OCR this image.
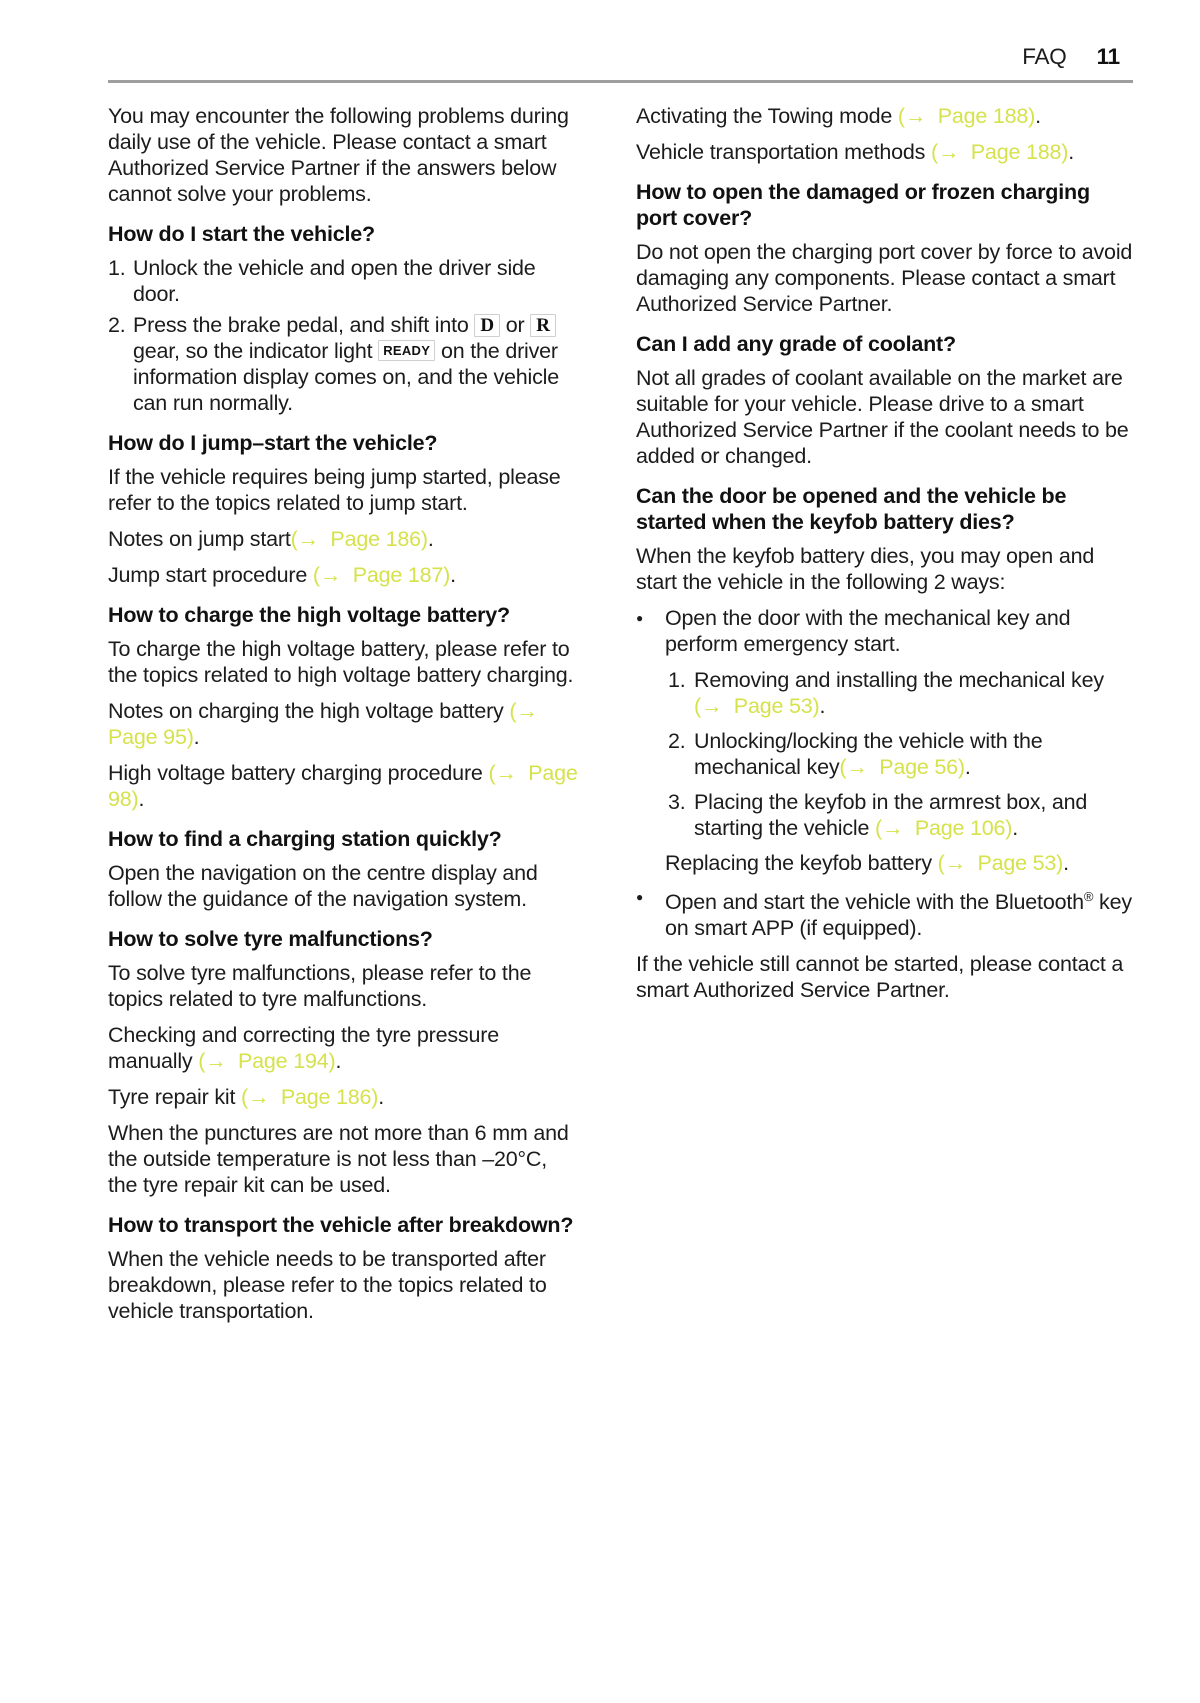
FAQ 11

You may encounter the following problems during daily use of the vehicle. Please contact a smart Authorized Service Partner if the answers below cannot solve your problems.

How do I start the vehicle?
1. Unlock the vehicle and open the driver side door.
2. Press the brake pedal, and shift into D or R gear, so the indicator light READY on the driver information display comes on, and the vehicle can run normally.
How do I jump–start the vehicle?

If the vehicle requires being jump started, please refer to the topics related to jump start.

Notes on jump start(→  Page 186).

Jump start procedure (→  Page 187).

How to charge the high voltage battery?

To charge the high voltage battery, please refer to the topics related to high voltage battery charging.

Notes on charging the high voltage battery (→  Page 95).

High voltage battery charging procedure (→  Page 98).

How to find a charging station quickly?

Open the navigation on the centre display and follow the guidance of the navigation system.

How to solve tyre malfunctions?

To solve tyre malfunctions, please refer to the topics related to tyre malfunctions.

Checking and correcting the tyre pressure manually (→  Page 194).

Tyre repair kit (→  Page 186).

When the punctures are not more than 6 mm and the outside temperature is not less than –20°C, the tyre repair kit can be used.

How to transport the vehicle after breakdown?

When the vehicle needs to be transported after breakdown, please refer to the topics related to vehicle transportation.

Activating the Towing mode (→  Page 188).

Vehicle transportation methods (→  Page 188).

How to open the damaged or frozen charging port cover?

Do not open the charging port cover by force to avoid damaging any components. Please contact a smart Authorized Service Partner.

Can I add any grade of coolant?

Not all grades of coolant available on the market are suitable for your vehicle. Please drive to a smart Authorized Service Partner if the coolant needs to be added or changed.

Can the door be opened and the vehicle be started when the keyfob battery dies?

When the keyfob battery dies, you may open and start the vehicle in the following 2 ways:

●	Open the door with the mechanical key and perform emergency start.
1. Removing and installing the mechanical key (→  Page 53).
2. Unlocking/locking the vehicle with the mechanical key(→  Page 56).
3. Placing the keyfob in the armrest box, and starting the vehicle (→  Page 106).

Replacing the keyfob battery (→  Page 53).

●	Open and start the vehicle with the Bluetooth® key on smart APP (if equipped).

If the vehicle still cannot be started, please contact a smart Authorized Service Partner.
